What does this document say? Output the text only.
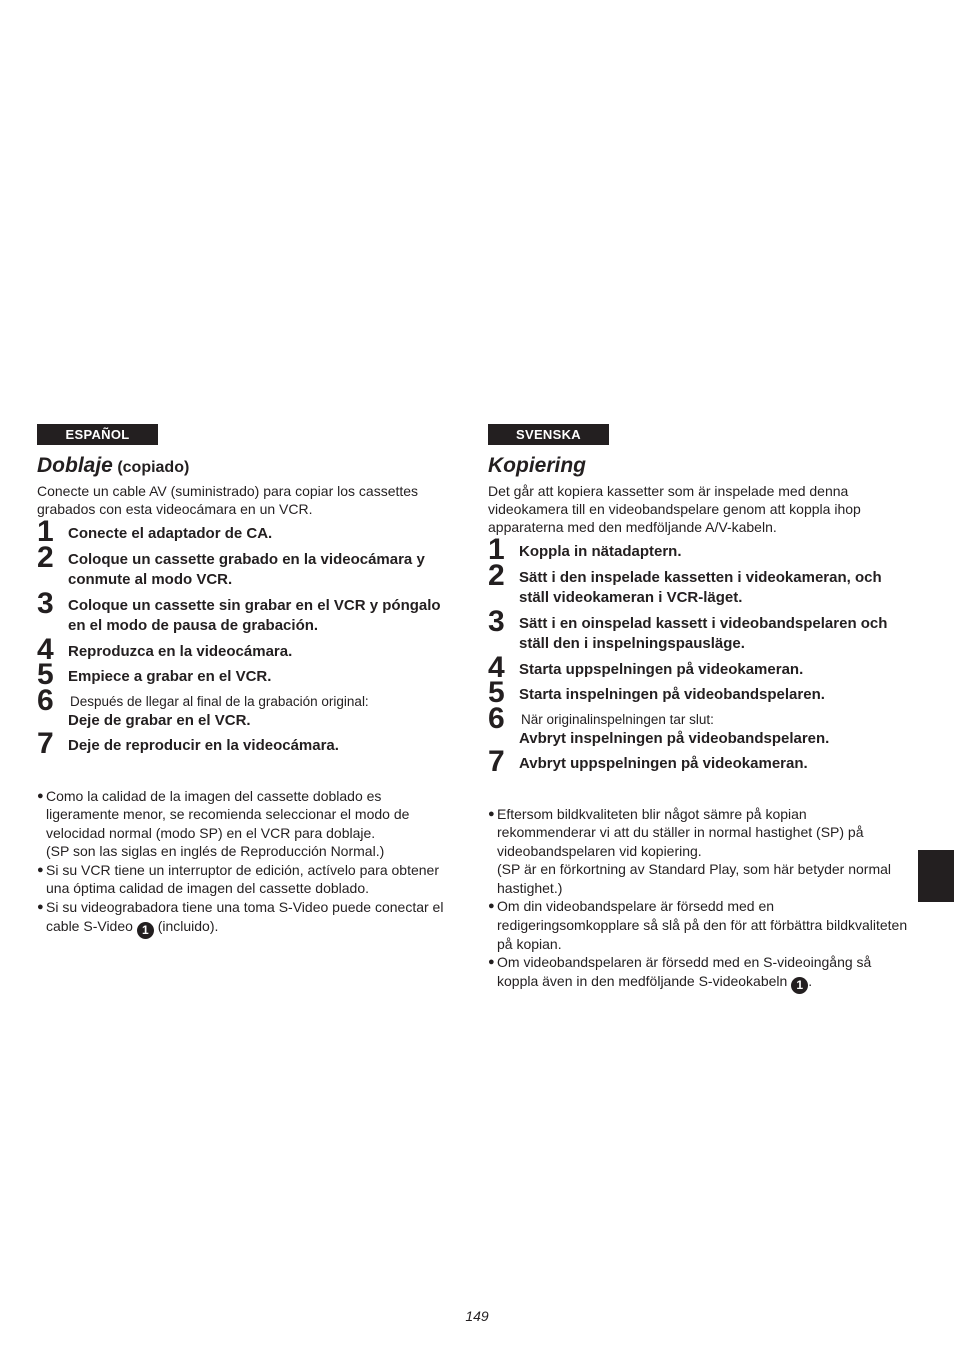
ESPAÑOL
Doblaje (copiado)
Conecte un cable AV (suministrado) para copiar los cassettes grabados con esta videocámara en un VCR.
1 Conecte el adaptador de CA.
2 Coloque un cassette grabado en la videocámara y conmute al modo VCR.
3 Coloque un cassette sin grabar en el VCR y póngalo en el modo de pausa de grabación.
4 Reproduzca en la videocámara.
5 Empiece a grabar en el VCR.
6 Después de llegar al final de la grabación original:
Deje de grabar en el VCR.
7 Deje de reproducir en la videocámara.
● Como la calidad de la imagen del cassette doblado es ligeramente menor, se recomienda seleccionar el modo de velocidad normal (modo SP) en el VCR para doblaje.
(SP son las siglas en inglés de Reproducción Normal.)
● Si su VCR tiene un interruptor de edición, actívelo para obtener una óptima calidad de imagen del cassette doblado.
● Si su videograbadora tiene una toma S-Video puede conectar el cable S-Video 1 (incluido).
SVENSKA
Kopiering
Det går att kopiera kassetter som är inspelade med denna videokamera till en videobandspelare genom att koppla ihop apparaterna med den medföljande A/V-kabeln.
1 Koppla in nätadaptern.
2 Sätt i den inspelade kassetten i videokameran, och ställ videokameran i VCR-läget.
3 Sätt i en oinspelad kassett i videobandspelaren och ställ den i inspelningspausläge.
4 Starta uppspelningen på videokameran.
5 Starta inspelningen på videobandspelaren.
6 När originalinspelningen tar slut:
Avbryt inspelningen på videobandspelaren.
7 Avbryt uppspelningen på videokameran.
● Eftersom bildkvaliteten blir något sämre på kopian rekommenderar vi att du ställer in normal hastighet (SP) på videobandspelaren vid kopiering.
(SP är en förkortning av Standard Play, som här betyder normal hastighet.)
● Om din videobandspelare är försedd med en redigeringsomkopplare så slå på den för att förbättra bildkvaliteten på kopian.
● Om videobandspelaren är försedd med en S-videoingång så koppla även in den medföljande S-videokabeln 1 .
149
